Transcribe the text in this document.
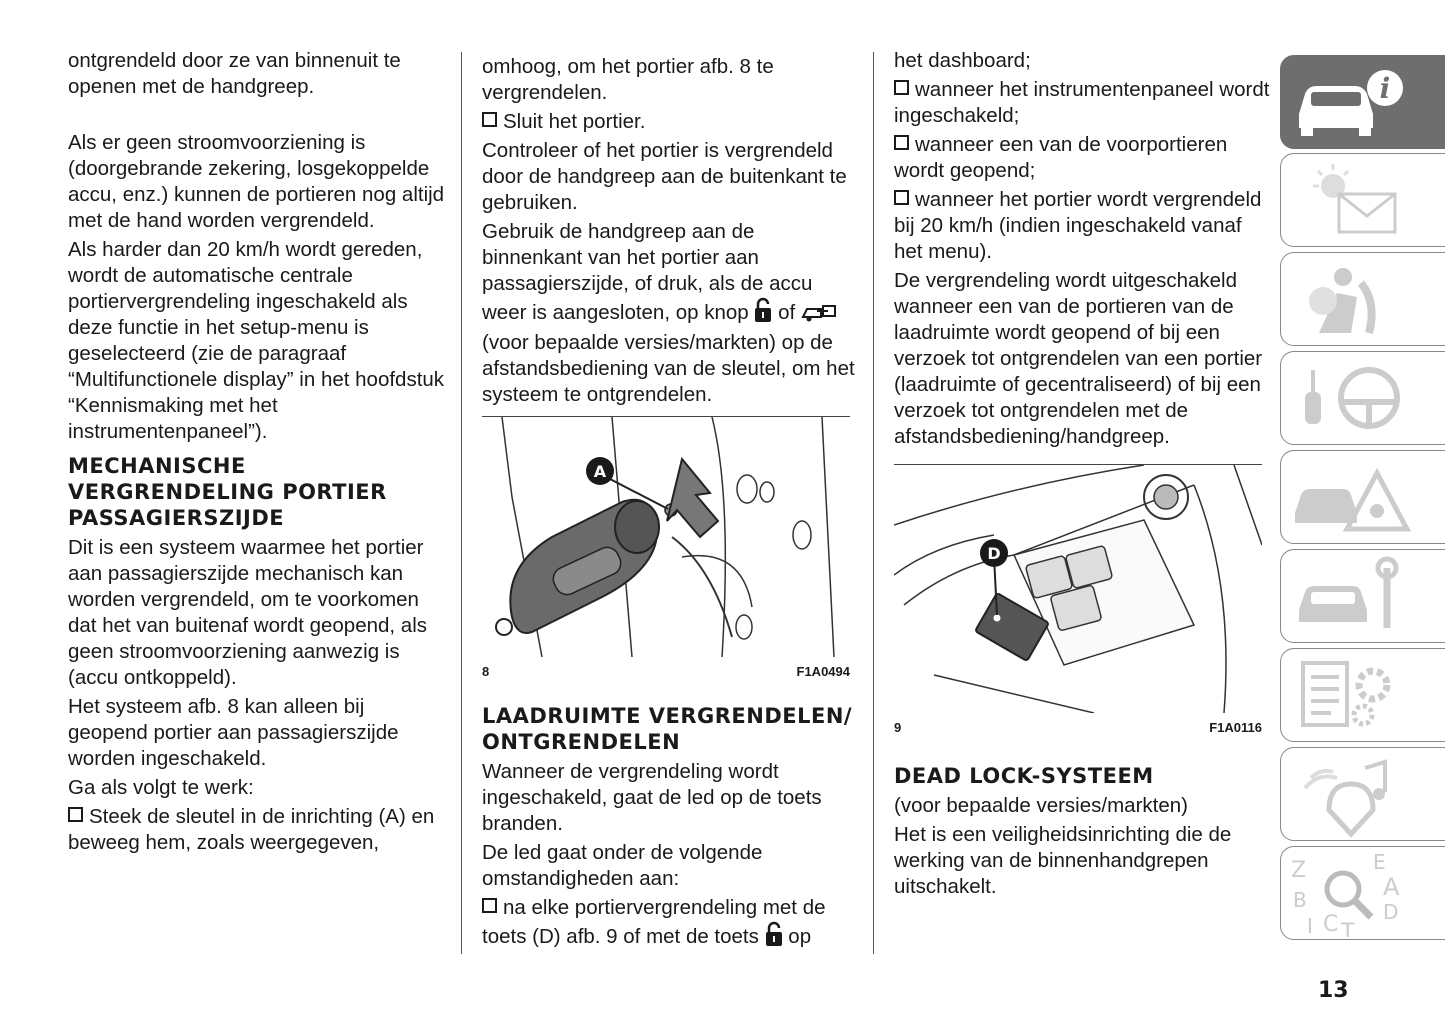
ontgrendeld door ze van binnenuit te openen met de handgreep.

Als er geen stroomvoorziening is (doorgebrande zekering, losgekoppelde accu, enz.) kunnen de portieren nog altijd met de hand worden vergrendeld.

Als harder dan 20 km/h wordt gereden, wordt de automatische centrale portiervergrendeling ingeschakeld als deze functie in het setup-menu is geselecteerd (zie de paragraaf “Multifunctionele display” in het hoofdstuk “Kennismaking met het instrumentenpaneel”).

MECHANISCHE VERGRENDELING PORTIER PASSAGIERSZIJDE

Dit is een systeem waarmee het portier aan passagierszijde mechanisch kan worden vergrendeld, om te voorkomen dat het van buitenaf wordt geopend, als geen stroomvoorziening aanwezig is (accu ontkoppeld).

Het systeem afb. 8 kan alleen bij geopend portier aan passagierszijde worden ingeschakeld.

Ga als volgt te werk:

Steek de sleutel in de inrichting (A) en beweeg hem, zoals weergegeven,

omhoog, om het portier afb. 8 te vergrendelen.

Sluit het portier.

Controleer of het portier is vergrendeld door de handgreep aan de buitenkant te gebruiken.

Gebruik de handgreep aan de binnenkant van het portier aan passagierszijde, of druk, als de accu weer is aangesloten, op knop of  (voor bepaalde versies/markten) op de afstandsbediening van de sleutel, om het systeem te ontgrendelen.

A
8	F1A0494
LAADRUIMTE VERGRENDELEN/ ONTGRENDELEN

Wanneer de vergrendeling wordt ingeschakeld, gaat de led op de toets branden.

De led gaat onder de volgende omstandigheden aan:

na elke portiervergrendeling met de toets (D) afb. 9 of met de toets op

het dashboard;

wanneer het instrumentenpaneel wordt ingeschakeld;

wanneer een van de voorportieren wordt geopend;

wanneer het portier wordt vergrendeld bij 20 km/h (indien ingeschakeld vanaf het menu).

De vergrendeling wordt uitgeschakeld wanneer een van de portieren van de laadruimte wordt geopend of bij een verzoek tot ontgrendelen van een portier (laadruimte of gecentraliseerd) of bij een verzoek tot ontgrendelen met de afstandsbediening/handgreep.

D
9	F1A0116
DEAD LOCK-SYSTEEM

(voor bepaalde versies/markten)

Het is een veiligheidsinrichting die de werking van de binnenhandgrepen uitschakelt.

i
Z	E
B	A
C T
D
I
13
